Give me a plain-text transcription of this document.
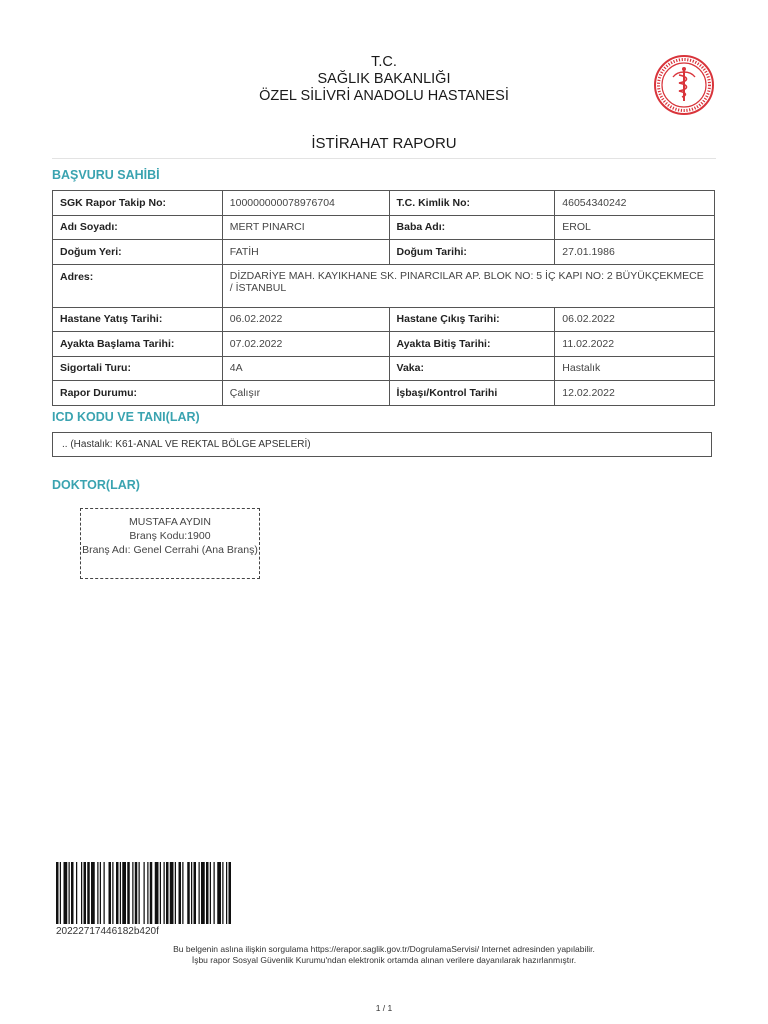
T.C.
SAĞLIK BAKANLIĞI
ÖZEL SİLİVRİ ANADOLU HASTANESİ
İSTİRAHAT RAPORU
BAŞVURU SAHİBİ
SGK Rapor Takip No:	100000000078976704	T.C. Kimlik No:	46054340242
Adı Soyadı:	MERT PINARCI	Baba Adı:	EROL
Doğum Yeri:	FATİH	Doğum Tarihi:	27.01.1986
Adres:	DİZDARİYE MAH. KAYIKHANE SK. PINARCILAR AP. BLOK NO: 5 İÇ KAPI NO: 2 BÜYÜKÇEKMECE / İSTANBUL		
Hastane Yatış Tarihi:	06.02.2022	Hastane Çıkış Tarihi:	06.02.2022
Ayakta Başlama Tarihi:	07.02.2022	Ayakta Bitiş Tarihi:	11.02.2022
Sigortali Turu:	4A	Vaka:	Hastalık
Rapor Durumu:	Çalışır	İşbaşı/Kontrol Tarihi	12.02.2022
ICD KODU VE TANI(LAR)
.. (Hastalık: K61-ANAL VE REKTAL BÖLGE APSELERİ)
DOKTOR(LAR)
MUSTAFA AYDIN
Branş Kodu:1900
Branş Adı: Genel Cerrahi (Ana Branş)
20222717446182b420f
Bu belgenin aslına ilişkin sorgulama https://erapor.saglik.gov.tr/DogrulamaServisi/ Internet adresinden yapılabilir.
İşbu rapor Sosyal Güvenlik Kurumu'ndan elektronik ortamda alınan verilere dayanılarak hazırlanmıştır.
1 / 1
